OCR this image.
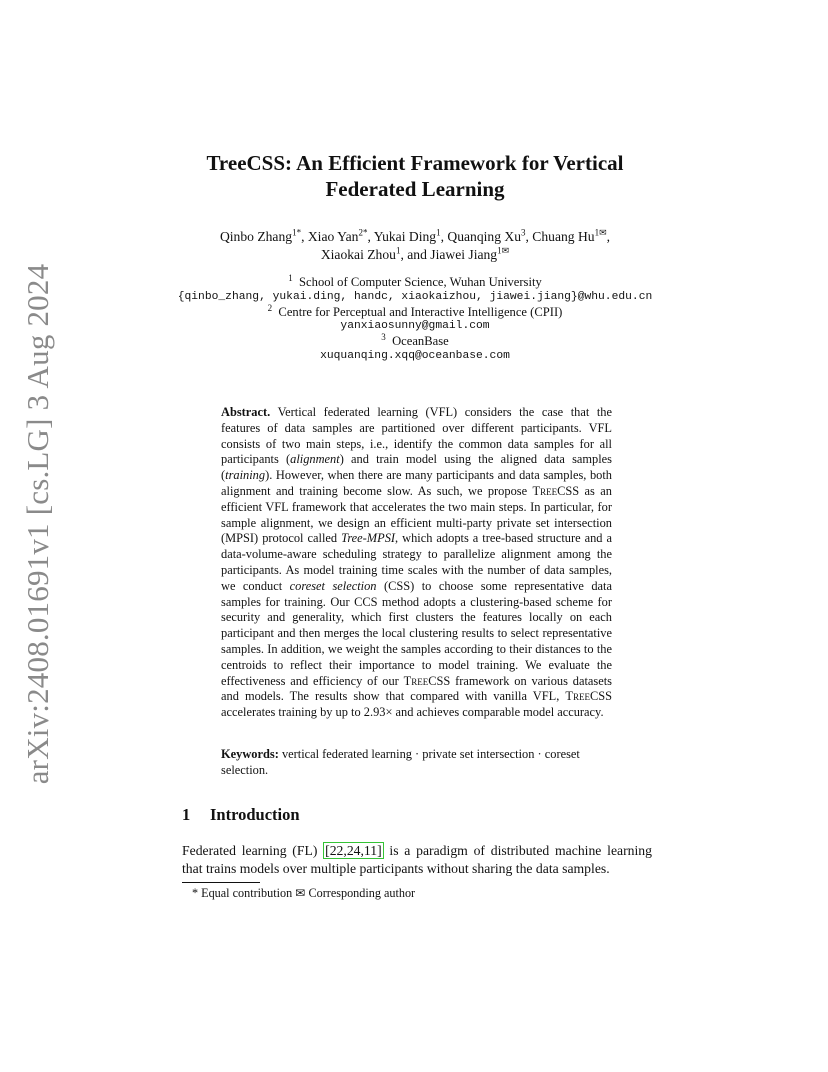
arXiv:2408.01691v1 [cs.LG] 3 Aug 2024
TreeCSS: An Efficient Framework for Vertical
Federated Learning
Qinbo Zhang$^{1*}$, Xiao Yan$^{2*}$, Yukai Ding$^1$, Quanqing Xu$^3$, Chuang $Hu^{1✉}$,
Xiaokai Zhou$^1$, and Jiawei Jiang$^{1✉}$
$^1$ School of Computer Science, Wuhan University
{qinbo_zhang, yukai.ding, handc, xiaokaizhou, jiawei.jiang}@whu.edu.cn
$^2$ Centre for Perceptual and Interactive Intelligence (CPII)
yanxiaosunny@gmail.com
$^3$ OceanBase
xuquanqing.xqq@oceanbase.com
Abstract. Vertical federated learning (VFL) considers the case that the features of data samples are partitioned over different participants. VFL consists of two main steps, i.e., identify the common data samples for all participants (alignment) and train model using the aligned data samples (training). However, when there are many participants and data samples, both alignment and training become slow. As such, we propose TreeCSS as an efficient VFL framework that accelerates the two main steps. In particular, for sample alignment, we design an efficient multi-party private set intersection (MPSI) protocol called Tree-MPSI, which adopts a tree-based structure and a data-volume-aware scheduling strategy to parallelize alignment among the participants. As model training time scales with the number of data samples, we conduct coreset selection (CSS) to choose some representative data samples for training. Our CCS method adopts a clustering-based scheme for security and generality, which first clusters the features locally on each participant and then merges the local clustering results to select representative samples. In addition, we weight the samples according to their distances to the centroids to reflect their importance to model training. We evaluate the effectiveness and efficiency of our TreeCSS framework on various datasets and models. The results show that compared with vanilla VFL, TreeCSS accelerates training by up to 2.93× and achieves comparable model accuracy.
Keywords: vertical federated learning · private set intersection · coreset selection.
1 Introduction
Federated learning (FL) [22,24,11] is a paradigm of distributed machine learning that trains models over multiple participants without sharing the data samples.
* Equal contribution ✉ Corresponding author
